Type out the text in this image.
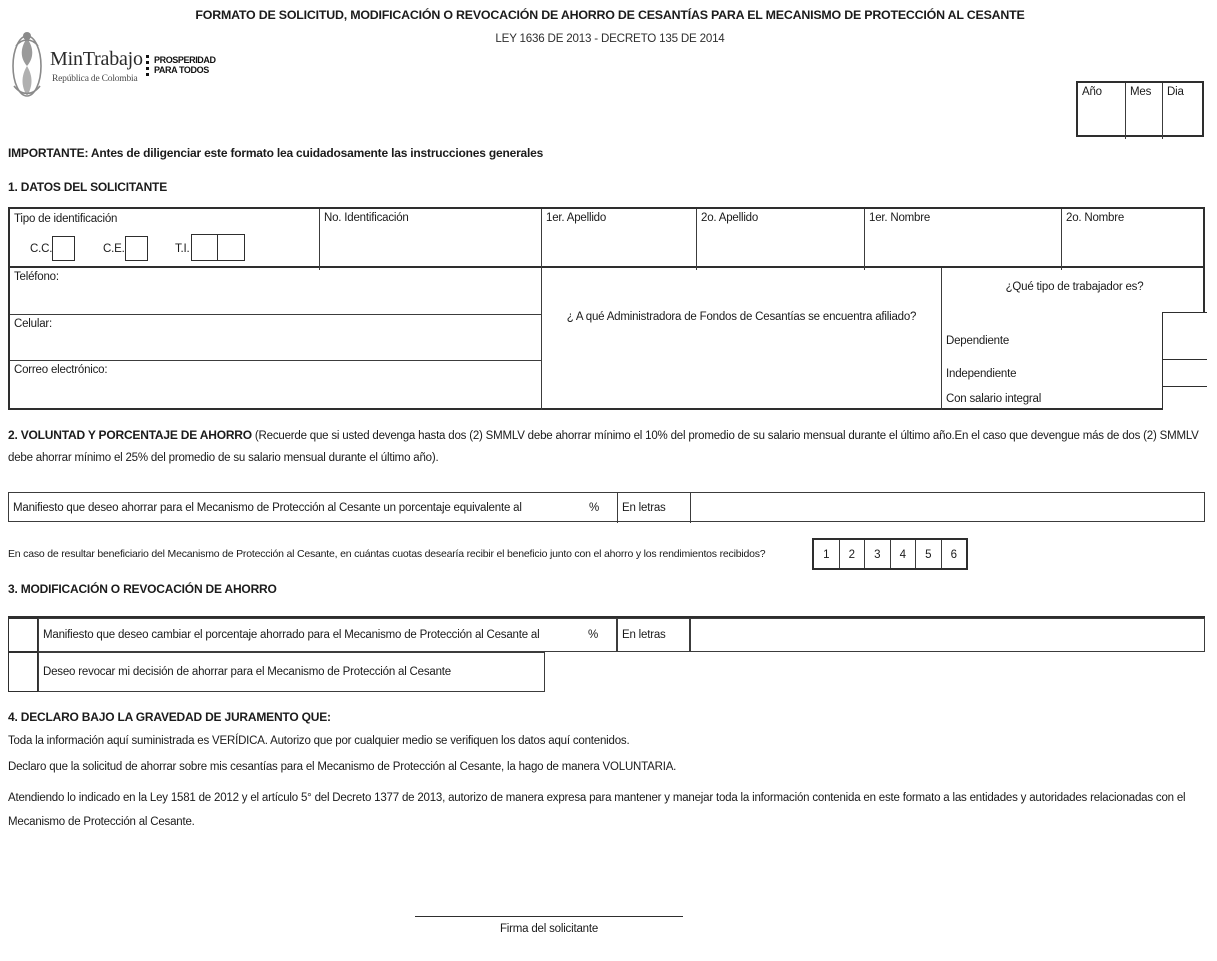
MinTrabajo
República de Colombia
PROSPERIDAD
PARA TODOS
FORMATO DE SOLICITUD, MODIFICACIÓN O REVOCACIÓN DE AHORRO DE CESANTÍAS PARA EL MECANISMO DE PROTECCIÓN AL CESANTE
LEY 1636 DE 2013 - DECRETO 135 DE 2014
Año	Mes	Dia
IMPORTANTE: Antes de diligenciar este formato lea cuidadosamente las instrucciones generales
1. DATOS DEL SOLICITANTE
Tipo de identificación
C.C.	C.E.	T.I.
No. Identificación	1er. Apellido	2o. Apellido	1er. Nombre	2o. Nombre
Teléfono:
Celular:
Correo electrónico:
¿ A qué Administradora de Fondos de Cesantías se encuentra afiliado?
¿Qué tipo de trabajador es?
Dependiente
Independiente
Con salario integral
2. VOLUNTAD Y PORCENTAJE DE AHORRO (Recuerde que si usted devenga hasta dos (2) SMMLV debe ahorrar mínimo el 10% del promedio de su salario mensual durante el último año.En el caso que devengue más de dos (2) SMMLV debe ahorrar mínimo el 25% del promedio de su salario mensual durante el último año).
Manifiesto que deseo ahorrar para el Mecanismo de Protección al Cesante un porcentaje equivalente al	%	En letras
En caso de resultar beneficiario del Mecanismo de Protección al Cesante, en cuántas cuotas desearía recibir el beneficio junto con el ahorro y los rendimientos recibidos?	1	2	3	4	5	6
3. MODIFICACIÓN O REVOCACIÓN DE AHORRO
Manifiesto que deseo cambiar el porcentaje ahorrado para el Mecanismo de Protección al Cesante al	%	En letras
Deseo revocar mi decisión de ahorrar para el Mecanismo de Protección al Cesante
4. DECLARO BAJO LA GRAVEDAD DE JURAMENTO QUE:
Toda la información aquí suministrada es VERÍDICA. Autorizo que por cualquier medio se verifiquen los datos aquí contenidos.
Declaro que la solicitud de ahorrar sobre mis cesantías para el Mecanismo de Protección al Cesante, la hago de manera VOLUNTARIA.
Atendiendo lo indicado en la Ley 1581 de 2012 y el artículo 5° del Decreto 1377 de 2013, autorizo de manera expresa para mantener y manejar toda la información contenida en este formato a las entidades y autoridades relacionadas con el Mecanismo de Protección al Cesante.
Firma del solicitante
